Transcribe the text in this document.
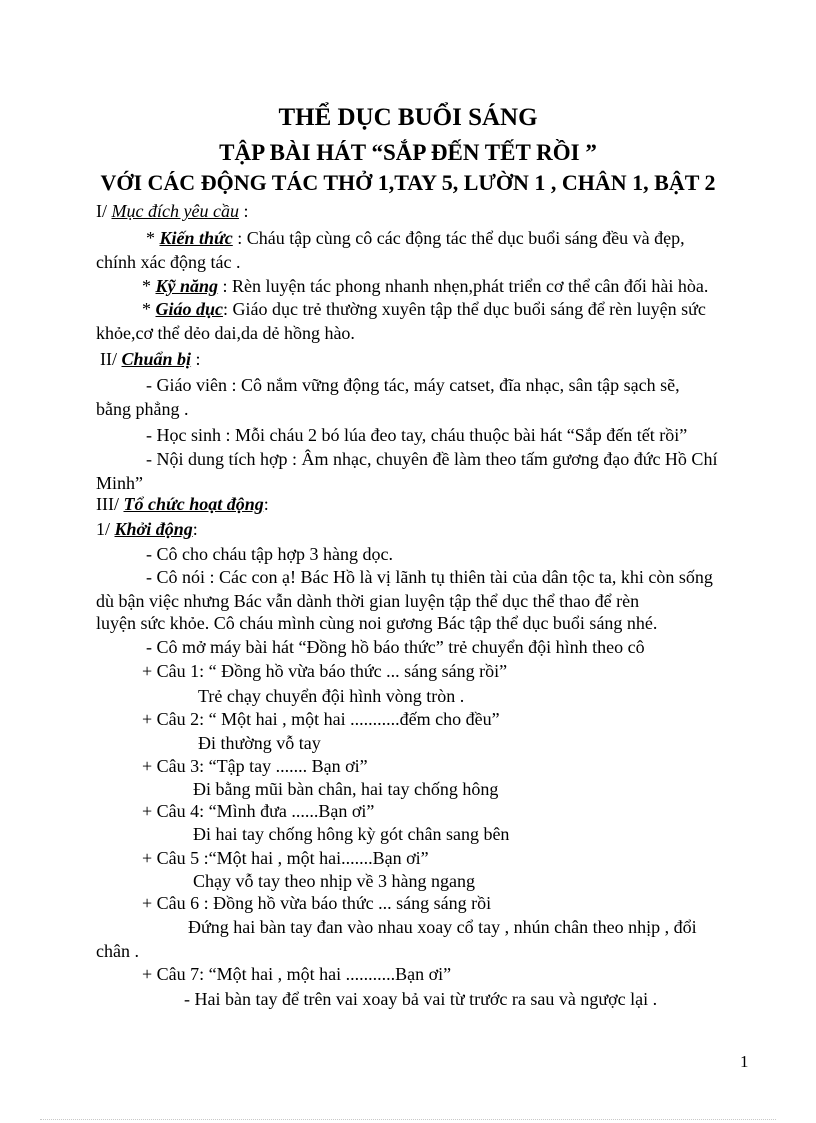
THỂ DỤC BUỔI SÁNG
TẬP BÀI HÁT “SẮP ĐẾN TẾT RỒI ”
VỚI CÁC ĐỘNG TÁC THỞ 1,TAY 5, LƯỜN 1 , CHÂN 1, BẬT 2
I/ Mục đích yêu cầu :
* Kiến thức : Cháu tập cùng cô các động tác thể dục buổi sáng đều và đẹp,
chính xác động tác .
* Kỹ năng : Rèn luyện tác phong nhanh nhẹn,phát triển cơ thể cân đối hài hòa.
* Giáo dục: Giáo dục trẻ thường xuyên tập thể dục buổi sáng để rèn luyện sức
khỏe,cơ thể dẻo dai,da dẻ hồng hào.
II/ Chuẩn bị :
- Giáo viên : Cô nắm vững động tác, máy catset, đĩa nhạc, sân tập sạch sẽ,
bằng phẳng .
- Học sinh : Mỗi cháu 2 bó lúa đeo tay, cháu thuộc bài hát “Sắp đến tết rồi”
- Nội dung tích hợp : Âm nhạc, chuyên đề làm theo tấm gương đạo đức Hồ Chí
Minh”
III/ Tổ chức hoạt động:
1/ Khởi động:
- Cô cho cháu tập hợp 3 hàng dọc.
- Cô nói : Các con ạ! Bác Hồ là vị lãnh tụ thiên tài của dân tộc ta, khi còn sống
dù bận việc nhưng Bác vẫn dành thời gian luyện tập thể dục thể thao để rèn
luyện sức khỏe. Cô cháu mình cùng noi gương Bác tập thể dục buổi sáng nhé.
- Cô mở máy bài hát “Đồng hồ báo thức” trẻ chuyển đội hình theo cô
+ Câu 1: “ Đồng hồ vừa báo thức ... sáng sáng rồi”
Trẻ chạy chuyển đội hình vòng tròn .
+ Câu 2: “ Một hai , một hai ...........đếm cho đều”
Đi thường vỗ tay
+ Câu 3: “Tập tay ....... Bạn ơi”
Đi bằng mũi bàn chân, hai tay chống hông
+ Câu 4: “Mình đưa ......Bạn ơi”
Đi hai tay chống hông kỳ gót chân sang bên
+ Câu 5 :“Một hai , một hai.......Bạn ơi”
Chạy vỗ tay theo nhịp về 3 hàng ngang
+ Câu 6 : Đồng hồ vừa báo thức ... sáng sáng rồi
Đứng hai bàn tay đan vào nhau xoay cổ tay , nhún chân theo nhịp , đổi
chân .
+ Câu 7: “Một hai , một hai ...........Bạn ơi”
- Hai bàn tay để trên vai xoay bả vai từ trước ra sau và ngược lại .
1
